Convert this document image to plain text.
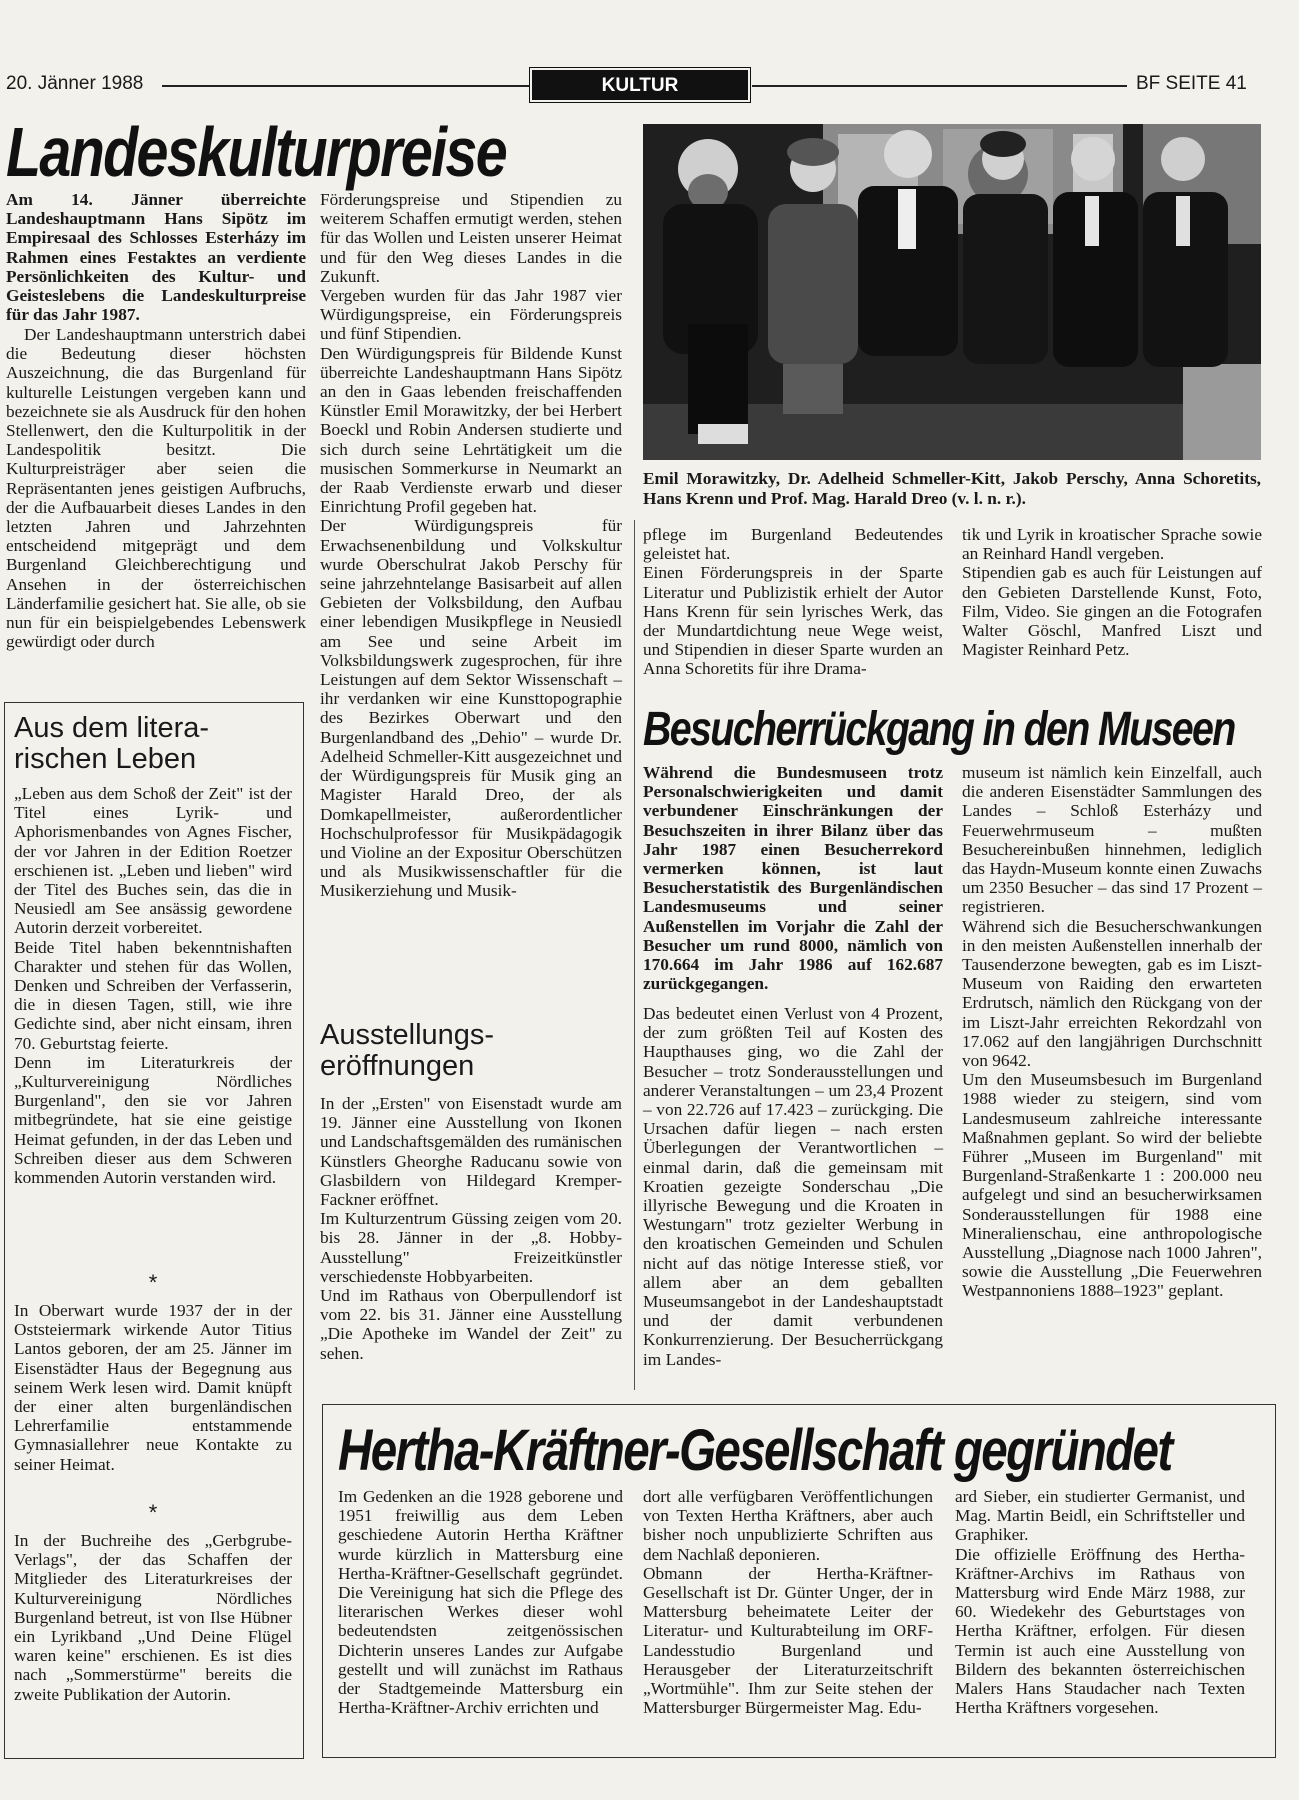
20. Jänner 1988	KULTUR	BF SEITE 41
Landeskulturpreise
Am 14. Jänner überreichte Landeshauptmann Hans Sipötz im Empiresaal des Schlosses Esterházy im Rahmen eines Festaktes an verdiente Persönlichkeiten des Kultur- und Geisteslebens die Landeskulturpreise für das Jahr 1987.
Der Landeshauptmann unterstrich dabei die Bedeutung dieser höchsten Auszeichnung, die das Burgenland für kulturelle Leistungen vergeben kann und bezeichnete sie als Ausdruck für den hohen Stellenwert, den die Kulturpolitik in der Landespolitik besitzt. Die Kulturpreisträger aber seien die Repräsentanten jenes geistigen Aufbruchs, der die Aufbauarbeit dieses Landes in den letzten Jahren und Jahrzehnten entscheidend mitgeprägt und dem Burgenland Gleichberechtigung und Ansehen in der österreichischen Länderfamilie gesichert hat. Sie alle, ob sie nun für ein beispielgebendes Lebenswerk gewürdigt oder durch
Förderungspreise und Stipendien zu weiterem Schaffen ermutigt werden, stehen für das Wollen und Leisten unserer Heimat und für den Weg dieses Landes in die Zukunft.
Vergeben wurden für das Jahr 1987 vier Würdigungspreise, ein Förderungspreis und fünf Stipendien.
Den Würdigungspreis für Bildende Kunst überreichte Landeshauptmann Hans Sipötz an den in Gaas lebenden freischaffenden Künstler Emil Morawitzky, der bei Herbert Boeckl und Robin Andersen studierte und sich durch seine Lehrtätigkeit um die musischen Sommerkurse in Neumarkt an der Raab Verdienste erwarb und dieser Einrichtung Profil gegeben hat.
Der Würdigungspreis für Erwachsenenbildung und Volkskultur wurde Oberschulrat Jakob Perschy für seine jahrzehntelange Basisarbeit auf allen Gebieten der Volksbildung, den Aufbau einer lebendigen Musikpflege in Neusiedl am See und seine Arbeit im Volksbildungswerk zugesprochen, für ihre Leistungen auf dem Sektor Wissenschaft – ihr verdanken wir eine Kunsttopographie des Bezirkes Oberwart und den Burgenlandband des „Dehio" – wurde Dr. Adelheid Schmeller-Kitt ausgezeichnet und der Würdigungspreis für Musik ging an Magister Harald Dreo, der als Domkapellmeister, außerordentlicher Hochschulprofessor für Musikpädagogik und Violine an der Expositur Oberschützen und als Musikwissenschaftler für die Musikerziehung und Musik-
Emil Morawitzky, Dr. Adelheid Schmeller-Kitt, Jakob Perschy, Anna Schoretits, Hans Krenn und Prof. Mag. Harald Dreo (v. l. n. r.).
pflege im Burgenland Bedeutendes geleistet hat.
Einen Förderungspreis in der Sparte Literatur und Publizistik erhielt der Autor Hans Krenn für sein lyrisches Werk, das der Mundartdichtung neue Wege weist, und Stipendien in dieser Sparte wurden an Anna Schoretits für ihre Drama-
tik und Lyrik in kroatischer Sprache sowie an Reinhard Handl vergeben.
Stipendien gab es auch für Leistungen auf den Gebieten Darstellende Kunst, Foto, Film, Video. Sie gingen an die Fotografen Walter Göschl, Manfred Liszt und Magister Reinhard Petz.
Aus dem litera-
rischen Leben
„Leben aus dem Schoß der Zeit" ist der Titel eines Lyrik- und Aphorismenbandes von Agnes Fischer, der vor Jahren in der Edition Roetzer erschienen ist. „Leben und lieben" wird der Titel des Buches sein, das die in Neusiedl am See ansässig gewordene Autorin derzeit vorbereitet.
Beide Titel haben bekenntnishaften Charakter und stehen für das Wollen, Denken und Schreiben der Verfasserin, die in diesen Tagen, still, wie ihre Gedichte sind, aber nicht einsam, ihren 70. Geburtstag feierte.
Denn im Literaturkreis der „Kulturvereinigung Nördliches Burgenland", den sie vor Jahren mitbegründete, hat sie eine geistige Heimat gefunden, in der das Leben und Schreiben dieser aus dem Schweren kommenden Autorin verstanden wird.
*
In Oberwart wurde 1937 der in der Oststeiermark wirkende Autor Titius Lantos geboren, der am 25. Jänner im Eisenstädter Haus der Begegnung aus seinem Werk lesen wird. Damit knüpft der einer alten burgenländischen Lehrerfamilie entstammende Gymnasiallehrer neue Kontakte zu seiner Heimat.
*
In der Buchreihe des „Gerbgrube-Verlags", der das Schaffen der Mitglieder des Literaturkreises der Kulturvereinigung Nördliches Burgenland betreut, ist von Ilse Hübner ein Lyrikband „Und Deine Flügel waren keine" erschienen. Es ist dies nach „Sommerstürme" bereits die zweite Publikation der Autorin.
Ausstellungs-
eröffnungen
In der „Ersten" von Eisenstadt wurde am 19. Jänner eine Ausstellung von Ikonen und Landschaftsgemälden des rumänischen Künstlers Gheorghe Raducanu sowie von Glasbildern von Hildegard Kremper-Fackner eröffnet.
Im Kulturzentrum Güssing zeigen vom 20. bis 28. Jänner in der „8. Hobby-Ausstellung" Freizeitkünstler verschiedenste Hobbyarbeiten.
Und im Rathaus von Oberpullendorf ist vom 22. bis 31. Jänner eine Ausstellung „Die Apotheke im Wandel der Zeit" zu sehen.
Besucherrückgang in den Museen
Während die Bundesmuseen trotz Personalschwierigkeiten und damit verbundener Einschränkungen der Besuchszeiten in ihrer Bilanz über das Jahr 1987 einen Besucherrekord vermerken können, ist laut Besucherstatistik des Burgenländischen Landesmuseums und seiner Außenstellen im Vorjahr die Zahl der Besucher um rund 8000, nämlich von 170.664 im Jahr 1986 auf 162.687 zurückgegangen.
Das bedeutet einen Verlust von 4 Prozent, der zum größten Teil auf Kosten des Haupthauses ging, wo die Zahl der Besucher – trotz Sonderausstellungen und anderer Veranstaltungen – um 23,4 Prozent – von 22.726 auf 17.423 – zurückging. Die Ursachen dafür liegen – nach ersten Überlegungen der Verantwortlichen – einmal darin, daß die gemeinsam mit Kroatien gezeigte Sonderschau „Die illyrische Bewegung und die Kroaten in Westungarn" trotz gezielter Werbung in den kroatischen Gemeinden und Schulen nicht auf das nötige Interesse stieß, vor allem aber an dem geballten Museumsangebot in der Landeshauptstadt und der damit verbundenen Konkurrenzierung. Der Besucherrückgang im Landes-
museum ist nämlich kein Einzelfall, auch die anderen Eisenstädter Sammlungen des Landes – Schloß Esterházy und Feuerwehrmuseum – mußten Besuchereinbußen hinnehmen, lediglich das Haydn-Museum konnte einen Zuwachs um 2350 Besucher – das sind 17 Prozent – registrieren.
Während sich die Besucherschwankungen in den meisten Außenstellen innerhalb der Tausenderzone bewegten, gab es im Liszt-Museum von Raiding den erwarteten Erdrutsch, nämlich den Rückgang von der im Liszt-Jahr erreichten Rekordzahl von 17.062 auf den langjährigen Durchschnitt von 9642.
Um den Museumsbesuch im Burgenland 1988 wieder zu steigern, sind vom Landesmuseum zahlreiche interessante Maßnahmen geplant. So wird der beliebte Führer „Museen im Burgenland" mit Burgenland-Straßenkarte 1 : 200.000 neu aufgelegt und sind an besucherwirksamen Sonderausstellungen für 1988 eine Mineralienschau, eine anthropologische Ausstellung „Diagnose nach 1000 Jahren", sowie die Ausstellung „Die Feuerwehren Westpannoniens 1888–1923" geplant.
Hertha-Kräftner-Gesellschaft gegründet
Im Gedenken an die 1928 geborene und 1951 freiwillig aus dem Leben geschiedene Autorin Hertha Kräftner wurde kürzlich in Mattersburg eine Hertha-Kräftner-Gesellschaft gegründet. Die Vereinigung hat sich die Pflege des literarischen Werkes dieser wohl bedeutendsten zeitgenössischen Dichterin unseres Landes zur Aufgabe gestellt und will zunächst im Rathaus der Stadtgemeinde Mattersburg ein Hertha-Kräftner-Archiv errichten und
dort alle verfügbaren Veröffentlichungen von Texten Hertha Kräftners, aber auch bisher noch unpublizierte Schriften aus dem Nachlaß deponieren.
Obmann der Hertha-Kräftner-Gesellschaft ist Dr. Günter Unger, der in Mattersburg beheimatete Leiter der Literatur- und Kulturabteilung im ORF-Landesstudio Burgenland und Herausgeber der Literaturzeitschrift „Wortmühle". Ihm zur Seite stehen der Mattersburger Bürgermeister Mag. Edu-
ard Sieber, ein studierter Germanist, und Mag. Martin Beidl, ein Schriftsteller und Graphiker.
Die offizielle Eröffnung des Hertha-Kräftner-Archivs im Rathaus von Mattersburg wird Ende März 1988, zur 60. Wiedekehr des Geburtstages von Hertha Kräftner, erfolgen. Für diesen Termin ist auch eine Ausstellung von Bildern des bekannten österreichischen Malers Hans Staudacher nach Texten Hertha Kräftners vorgesehen.
